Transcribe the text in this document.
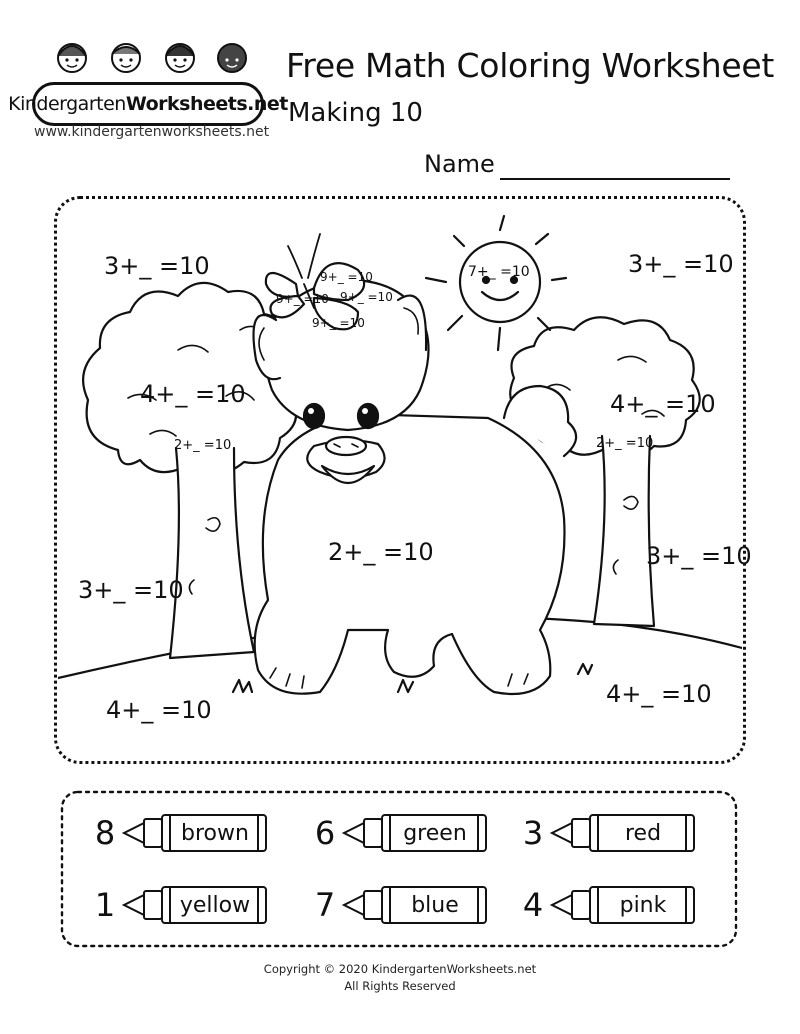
Kindergarten Worksheets.net
www.kindergartenworksheets.net
Free Math Coloring Worksheet
Making 10
Name
3+_ =10	3+_ =10
4+_ =10	4+_ =10
2+_ =10
3+_ =10
3+_ =10
4+_ =10
4+_ =10
9+_ =10
9+_ =10 9+_ =10
9+_ =10
7+_ =10
2+_ =10	2+_ =10
8	brown	6	green	3	red
1	yellow	7	blue	4	pink
Copyright © 2020 KindergartenWorksheets.net
All Rights Reserved
